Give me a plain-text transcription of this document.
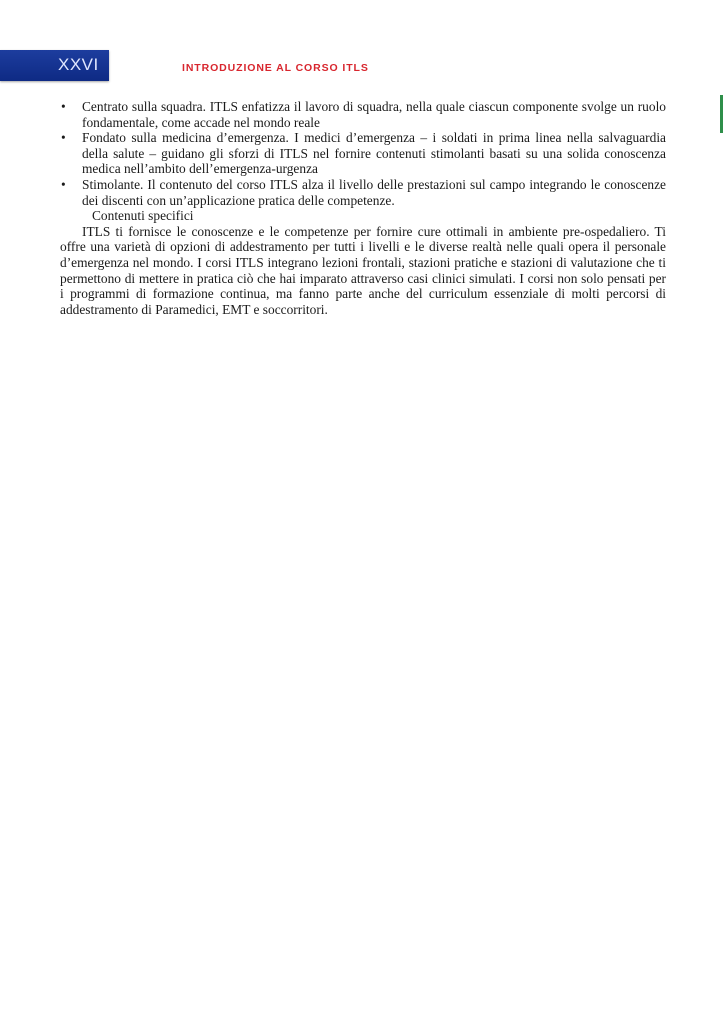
XXVI	INTRODUZIONE AL CORSO ITLS
• Centrato sulla squadra. ITLS enfatizza il lavoro di squadra, nella quale ciascun componente svolge un ruolo fondamentale, come accade nel mondo reale
• Fondato sulla medicina d’emergenza. I medici d’emergenza – i soldati in prima linea nella salvaguardia della salute – guidano gli sforzi di ITLS nel fornire contenuti stimolanti basati su una solida conoscenza medica nell’ambito dell’emergenza-urgenza
• Stimolante. Il contenuto del corso ITLS alza il livello delle prestazioni sul campo integrando le conoscenze dei discenti con un’applicazione pratica delle competenze.

Contenuti specifici

ITLS ti fornisce le conoscenze e le competenze per fornire cure ottimali in ambiente pre-ospedaliero. Ti offre una varietà di opzioni di addestramento per tutti i livelli e le diverse realtà nelle quali opera il personale d’emergenza nel mondo. I corsi ITLS integrano lezioni frontali, stazioni pratiche e stazioni di valutazione che ti permettono di mettere in pratica ciò che hai imparato attraverso casi clinici simulati. I corsi non solo pensati per i programmi di formazione continua, ma fanno parte anche del curriculum essenziale di molti percorsi di addestramento di Paramedici, EMT e soccorritori.
